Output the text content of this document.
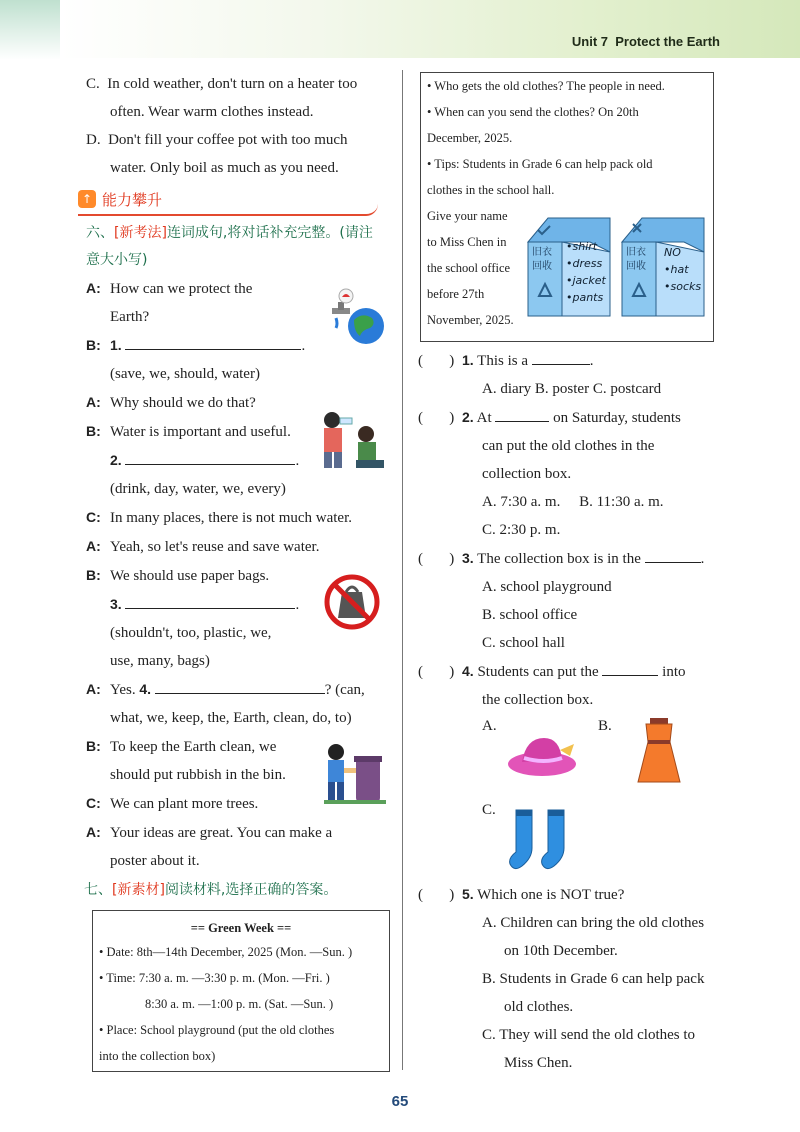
Unit 7 Protect the Earth
C. In cold weather, don't turn on a heater too
often. Wear warm clothes instead.
D. Don't fill your coffee pot with too much
water. Only boil as much as you need.
↑ 能力攀升
六、[新考法]连词成句,将对话补充完整。(请注
意大小写)
A: How can we protect the
Earth?
B: 1.	.
(save, we, should, water)
A: Why should we do that?
B: Water is important and useful.
2.	.
(drink, day, water, we, every)
C: In many places, there is not much water.
A: Yeah, so let's reuse and save water.
B: We should use paper bags.
3.	.
(shouldn't, too, plastic, we,
use, many, bags)
A: Yes. 4.	? (can,
what, we, keep, the, Earth, clean, do, to)
B: To keep the Earth clean, we
should put rubbish in the bin.
C: We can plant more trees.
A: Your ideas are great. You can make a
poster about it.
七、[新素材]阅读材料,选择正确的答案。
== Green Week ==
• Date: 8th—14th December, 2025 (Mon. —Sun. )
• Time: 7:30 a. m. —3:30 p. m. (Mon. —Fri. )
8:30 a. m. —1:00 p. m. (Sat. —Sun. )
• Place: School playground (put the old clothes
into the collection box)
• Who gets the old clothes? The people in need.
• When can you send the clothes? On 20th
December, 2025.
• Tips: Students in Grade 6 can help pack old
clothes in the school hall.
Give your name
to Miss Chen in
the school office
before 27th
November, 2025.
旧衣
回收
•shirt
•dress
•jacket
•pants
旧衣
回收
NO
•hat
•socks
( ) 1. This is a	.
A. diary B. poster C. postcard
( ) 2. At	on Saturday, students
can put the old clothes in the
collection box.
A. 7:30 a. m.     B. 11:30 a. m.
C. 2:30 p. m.
( ) 3. The collection box is in the	.
A. school playground
B. school office
C. school hall
( ) 4. Students can put the	into
the collection box.
A.	B.
C.
( ) 5. Which one is NOT true?
A. Children can bring the old clothes
on 10th December.
B. Students in Grade 6 can help pack
old clothes.
C. They will send the old clothes to
Miss Chen.
65
